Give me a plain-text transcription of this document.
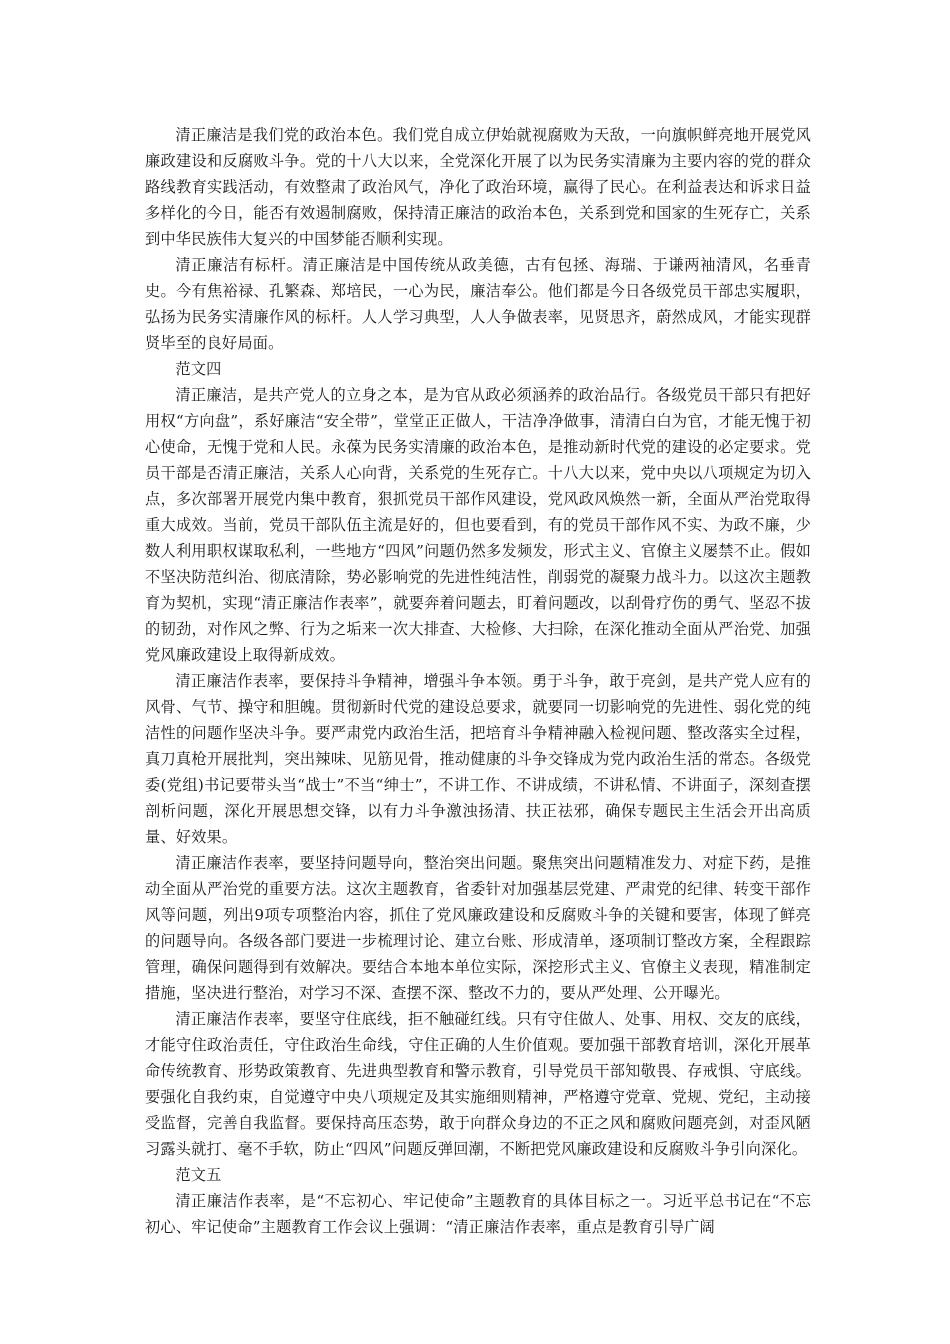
清正廉洁是我们党的政治本色。我们党自成立伊始就视腐败为天敌，一向旗帜鲜亮地开展党风廉政建设和反腐败斗争。党的十八大以来，全党深化开展了以为民务实清廉为主要内容的党的群众路线教育实践活动，有效整肃了政治风气，净化了政治环境，赢得了民心。在利益表达和诉求日益多样化的今日，能否有效遏制腐败，保持清正廉洁的政治本色，关系到党和国家的生死存亡，关系到中华民族伟大复兴的中国梦能否顺利实现。

清正廉洁有标杆。清正廉洁是中国传统从政美德，古有包拯、海瑞、于谦两袖清风，名垂青史。今有焦裕禄、孔繁森、郑培民，一心为民，廉洁奉公。他们都是今日各级党员干部忠实履职，弘扬为民务实清廉作风的标杆。人人学习典型，人人争做表率，见贤思齐，蔚然成风，才能实现群贤毕至的良好局面。

范文四

清正廉洁，是共产党人的立身之本，是为官从政必须涵养的政治品行。各级党员干部只有把好用权“方向盘”，系好廉洁“安全带”，堂堂正正做人，干洁净净做事，清清白白为官，才能无愧于初心使命，无愧于党和人民。永葆为民务实清廉的政治本色，是推动新时代党的建设的必定要求。党员干部是否清正廉洁，关系人心向背，关系党的生死存亡。十八大以来，党中央以八项规定为切入点，多次部署开展党内集中教育，狠抓党员干部作风建设，党风政风焕然一新，全面从严治党取得重大成效。当前，党员干部队伍主流是好的，但也要看到，有的党员干部作风不实、为政不廉，少数人利用职权谋取私利，一些地方“四风”问题仍然多发频发，形式主义、官僚主义屡禁不止。假如不坚决防范纠治、彻底清除，势必影响党的先进性纯洁性，削弱党的凝聚力战斗力。以这次主题教育为契机，实现“清正廉洁作表率”，就要奔着问题去，盯着问题改，以刮骨疗伤的勇气、坚忍不拔的韧劲，对作风之弊、行为之垢来一次大排查、大检修、大扫除，在深化推动全面从严治党、加强党风廉政建设上取得新成效。

清正廉洁作表率，要保持斗争精神，增强斗争本领。勇于斗争，敢于亮剑，是共产党人应有的风骨、气节、操守和胆魄。贯彻新时代党的建设总要求，就要同一切影响党的先进性、弱化党的纯洁性的问题作坚决斗争。要严肃党内政治生活，把培育斗争精神融入检视问题、整改落实全过程，真刀真枪开展批判，突出辣味、见筋见骨，推动健康的斗争交锋成为党内政治生活的常态。各级党委(党组)书记要带头当“战士”不当“绅士”，不讲工作、不讲成绩，不讲私情、不讲面子，深刻查摆剖析问题，深化开展思想交锋，以有力斗争激浊扬清、扶正祛邪，确保专题民主生活会开出高质量、好效果。

清正廉洁作表率，要坚持问题导向，整治突出问题。聚焦突出问题精准发力、对症下药，是推动全面从严治党的重要方法。这次主题教育，省委针对加强基层党建、严肃党的纪律、转变干部作风等问题，列出9项专项整治内容，抓住了党风廉政建设和反腐败斗争的关键和要害，体现了鲜亮的问题导向。各级各部门要进一步梳理讨论、建立台账、形成清单，逐项制订整改方案，全程跟踪管理，确保问题得到有效解决。要结合本地本单位实际，深挖形式主义、官僚主义表现，精准制定措施，坚决进行整治，对学习不深、查摆不深、整改不力的，要从严处理、公开曝光。

清正廉洁作表率，要坚守住底线，拒不触碰红线。只有守住做人、处事、用权、交友的底线，才能守住政治责任，守住政治生命线，守住正确的人生价值观。要加强干部教育培训，深化开展革命传统教育、形势政策教育、先进典型教育和警示教育，引导党员干部知敬畏、存戒惧、守底线。要强化自我约束，自觉遵守中央八项规定及其实施细则精神，严格遵守党章、党规、党纪，主动接受监督，完善自我监督。要保持高压态势，敢于向群众身边的不正之风和腐败问题亮剑，对歪风陋习露头就打、毫不手软，防止“四风”问题反弹回潮，不断把党风廉政建设和反腐败斗争引向深化。

范文五

清正廉洁作表率，是“不忘初心、牢记使命”主题教育的具体目标之一。习近平总书记在“不忘初心、牢记使命”主题教育工作会议上强调：“清正廉洁作表率，重点是教育引导广阔
